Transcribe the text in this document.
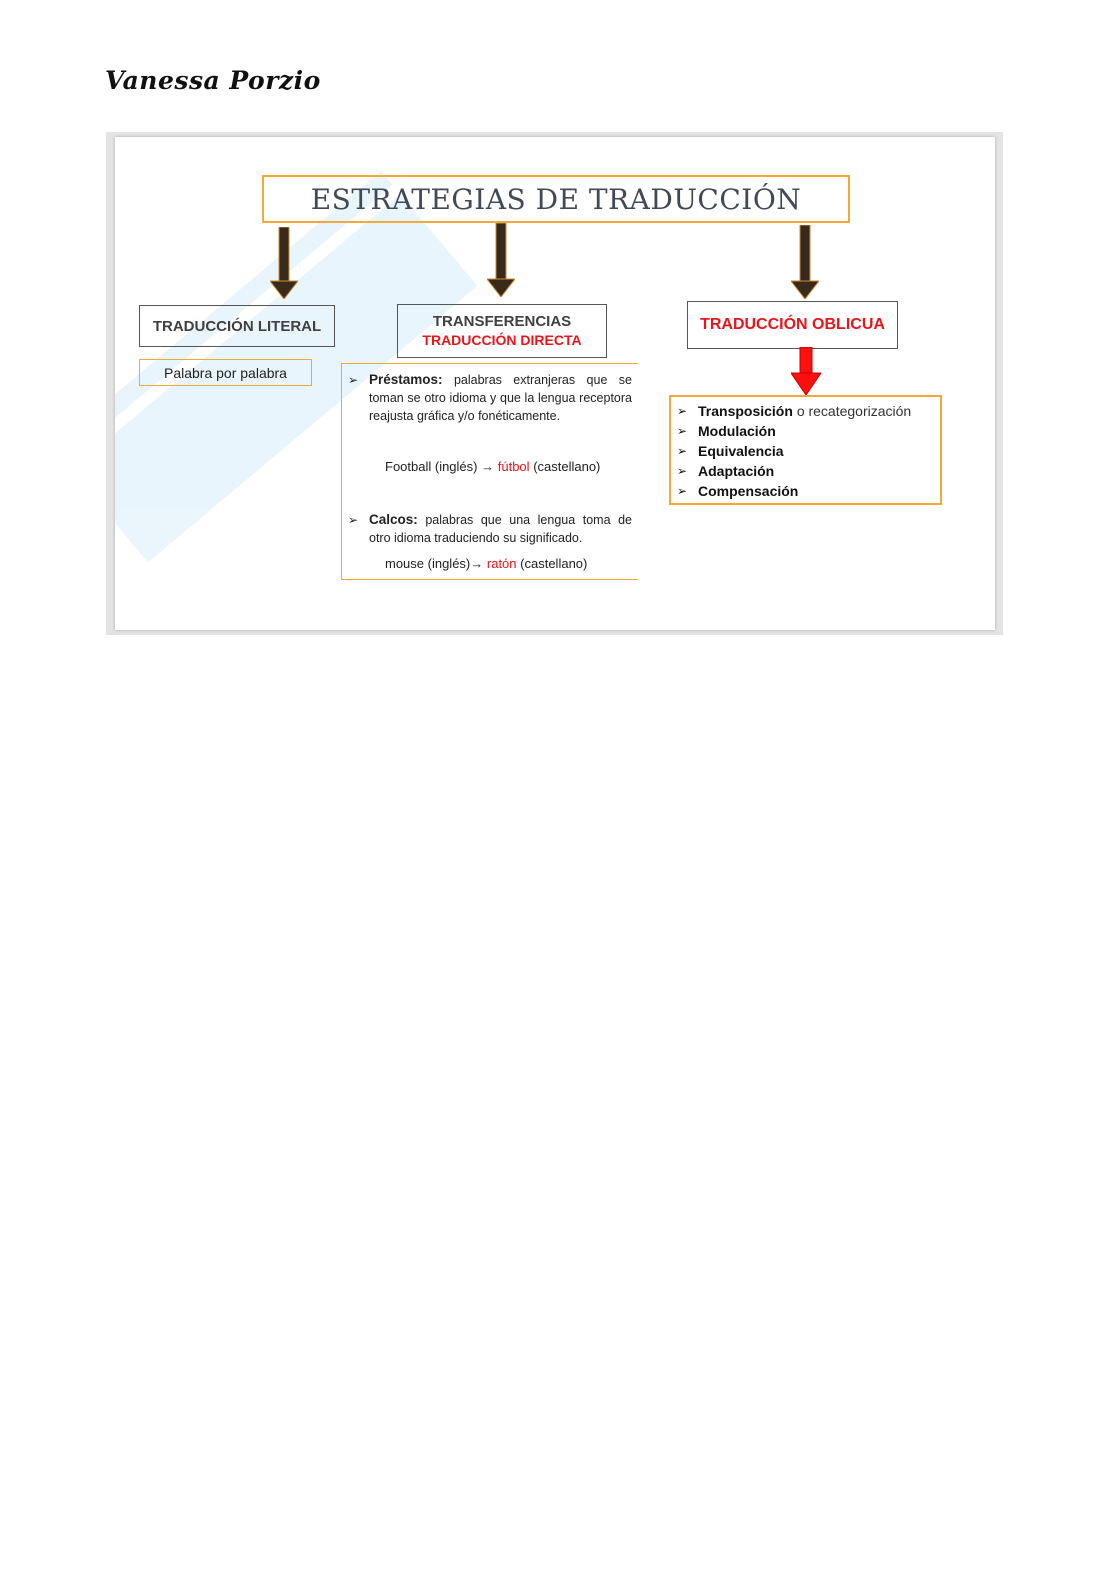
Vanessa Porzio
ESTRATEGIAS DE TRADUCCIÓN
TRADUCCIÓN LITERAL
Palabra por palabra
TRANSFERENCIAS
TRADUCCIÓN DIRECTA
➢ Préstamos: palabras extranjeras que se toman se otro idioma y que la lengua receptora reajusta gráfica y/o fonéticamente.
Football (inglés) → fútbol (castellano)
➢ Calcos: palabras que una lengua toma de otro idioma traduciendo su significado.
mouse (inglés)→ ratón (castellano)
TRADUCCIÓN OBLICUA
➢ Transposición o recategorización
➢ Modulación
➢ Equivalencia
➢ Adaptación
➢ Compensación
